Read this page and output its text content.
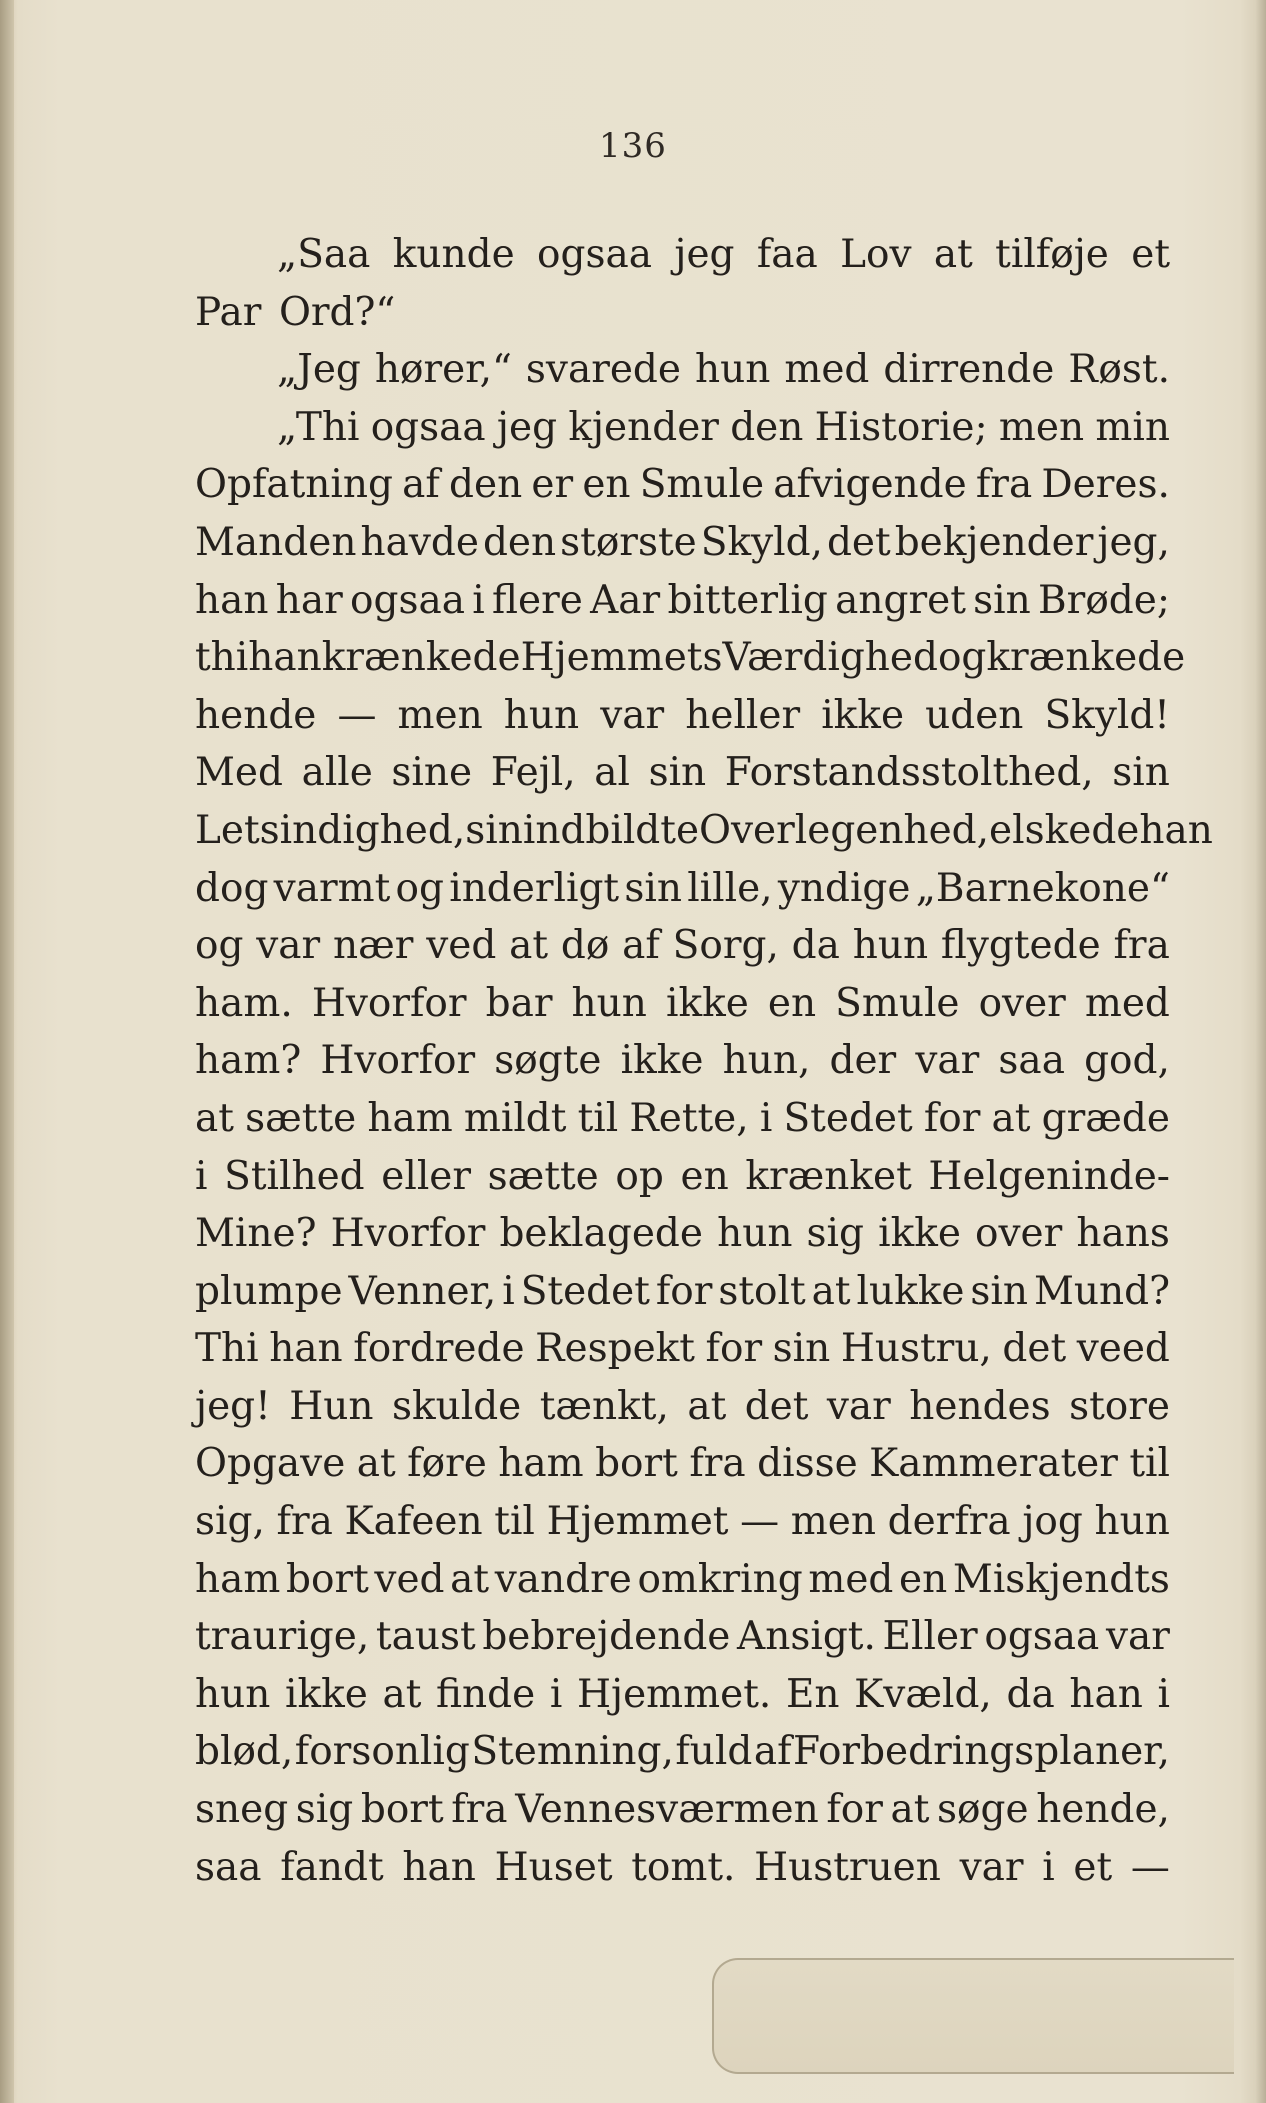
136
„Saa kunde ogsaa jeg faa Lov at tilføje et
Par Ord?“
„Jeg hører,“ svarede hun med dirrende Røst.
„Thi ogsaa jeg kjender den Historie; men min
Opfatning af den er en Smule afvigende fra Deres.
Manden havde den største Skyld, det bekjender jeg,
han har ogsaa i flere Aar bitterlig angret sin Brøde;
thi han krænkede Hjemmets Værdighed og krænkede
hende — men hun var heller ikke uden Skyld!
Med alle sine Fejl, al sin Forstandsstolthed, sin
Letsindighed, sin indbildte Overlegenhed, elskede han
dog varmt og inderligt sin lille, yndige „Barnekone“
og var nær ved at dø af Sorg, da hun flygtede fra
ham. Hvorfor bar hun ikke en Smule over med
ham? Hvorfor søgte ikke hun, der var saa god,
at sætte ham mildt til Rette, i Stedet for at græde
i Stilhed eller sætte op en krænket Helgeninde-
Mine? Hvorfor beklagede hun sig ikke over hans
plumpe Venner, i Stedet for stolt at lukke sin Mund?
Thi han fordrede Respekt for sin Hustru, det veed
jeg! Hun skulde tænkt, at det var hendes store
Opgave at føre ham bort fra disse Kammerater til
sig, fra Kafeen til Hjemmet — men derfra jog hun
ham bort ved at vandre omkring med en Miskjendts
traurige, taust bebrejdende Ansigt. Eller ogsaa var
hun ikke at finde i Hjemmet. En Kvæld, da han i
blød, forsonlig Stemning, fuld af Forbedringsplaner,
sneg sig bort fra Vennesværmen for at søge hende,
saa fandt han Huset tomt. Hustruen var i et —
